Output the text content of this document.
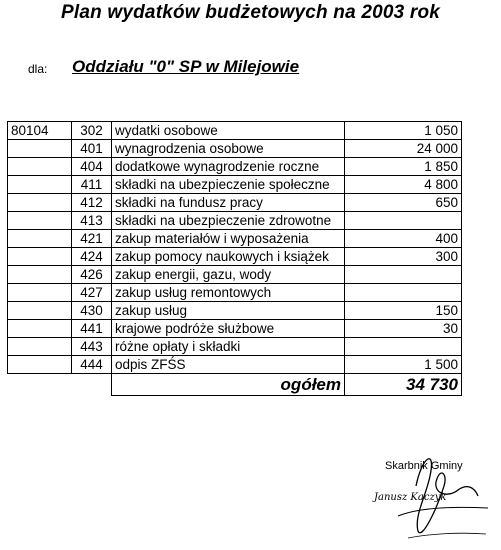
Plan wydatków budżetowych na 2003 rok
dla: Oddziału "0" SP w Milejowie
80104	302	wydatki osobowe	1 050
	401	wynagrodzenia osobowe	24 000
	404	dodatkowe wynagrodzenie roczne	1 850
	411	składki na ubezpieczenie społeczne	4 800
	412	składki na fundusz pracy	650
	413	składki na ubezpieczenie zdrowotne	
	421	zakup materiałów i wyposażenia	400
	424	zakup pomocy naukowych i książek	300
	426	zakup energii, gazu, wody	
	427	zakup usług remontowych	
	430	zakup usług	150
	441	krajowe podróże służbowe	30
	443	różne opłaty i składki	
	444	odpis ZFŚS	1 500
		ogółem	34 730
Skarbnik Gminy
Janusz Kaczyk
